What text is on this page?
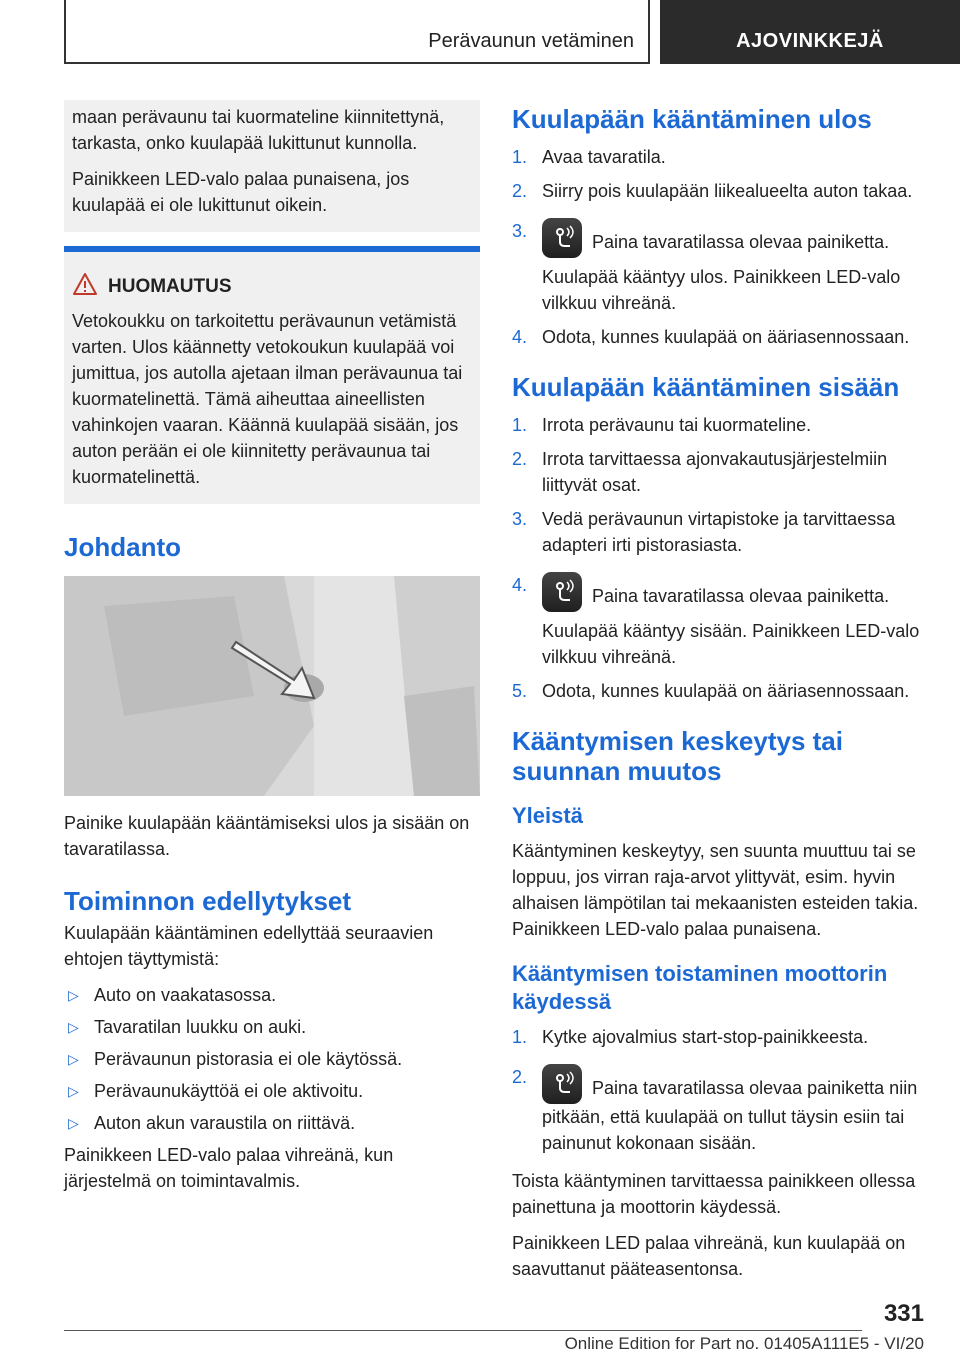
Perävaunun vetäminen	AJOVINKKEJÄ

maan perävaunu tai kuormateline kiinnitettynä, tarkasta, onko kuulapää lukittunut kunnolla.

Painikkeen LED-valo palaa punaisena, jos kuulapää ei ole lukittunut oikein.

HUOMAUTUS

Vetokoukku on tarkoitettu perävaunun vetämistä varten. Ulos käännetty vetokoukun kuulapää voi jumittua, jos autolla ajetaan ilman perävaunua tai kuormatelinettä. Tämä aiheuttaa aineellisten vahinkojen vaaran. Käännä kuulapää sisään, jos auton perään ei ole kiinnitetty perävaunua tai kuormatelinettä.

Johdanto

Painike kuulapään kääntämiseksi ulos ja sisään on tavaratilassa.

Toiminnon edellytykset

Kuulapään kääntäminen edellyttää seuraavien ehtojen täyttymistä:

▷ Auto on vaakatasossa.
▷ Tavaratilan luukku on auki.
▷ Perävaunun pistorasia ei ole käytössä.
▷ Perävaunukäyttöä ei ole aktivoitu.
▷ Auton akun varaustila on riittävä.

Painikkeen LED-valo palaa vihreänä, kun järjestelmä on toimintavalmis.

Kuulapään kääntäminen ulos
1. Avaa tavaratila.
2. Siirry pois kuulapään liikealueelta auton takaa.
3.
Paina tavaratilassa olevaa painiketta.
Kuulapää kääntyy ulos. Painikkeen LED-valo vilkkuu vihreänä.
4. Odota, kunnes kuulapää on ääriasennossaan.
Kuulapään kääntäminen sisään
1. Irrota perävaunu tai kuormateline.
2. Irrota tarvittaessa ajonvakautusjärjestelmiin liittyvät osat.
3. Vedä perävaunun virtapistoke ja tarvittaessa adapteri irti pistorasiasta.
4.
Paina tavaratilassa olevaa painiketta.
Kuulapää kääntyy sisään. Painikkeen LED-valo vilkkuu vihreänä.
5. Odota, kunnes kuulapää on ääriasennossaan.
Kääntymisen keskeytys tai suunnan muutos
Yleistä

Kääntyminen keskeytyy, sen suunta muuttuu tai se loppuu, jos virran raja-arvot ylittyvät, esim. hyvin alhaisen lämpötilan tai mekaanisten esteiden takia. Painikkeen LED-valo palaa punaisena.

Kääntymisen toistaminen moottorin käydessä
1. Kytke ajovalmius start-stop-painikkeesta.
2.
Paina tavaratilassa olevaa painiketta niin pitkään, että kuulapää on tullut täysin esiin tai painunut kokonaan sisään.

Toista kääntyminen tarvittaessa painikkeen ollessa painettuna ja moottorin käydessä.

Painikkeen LED palaa vihreänä, kun kuulapää on saavuttanut pääteasentonsa.

331
Online Edition for Part no. 01405A111E5 - VI/20
